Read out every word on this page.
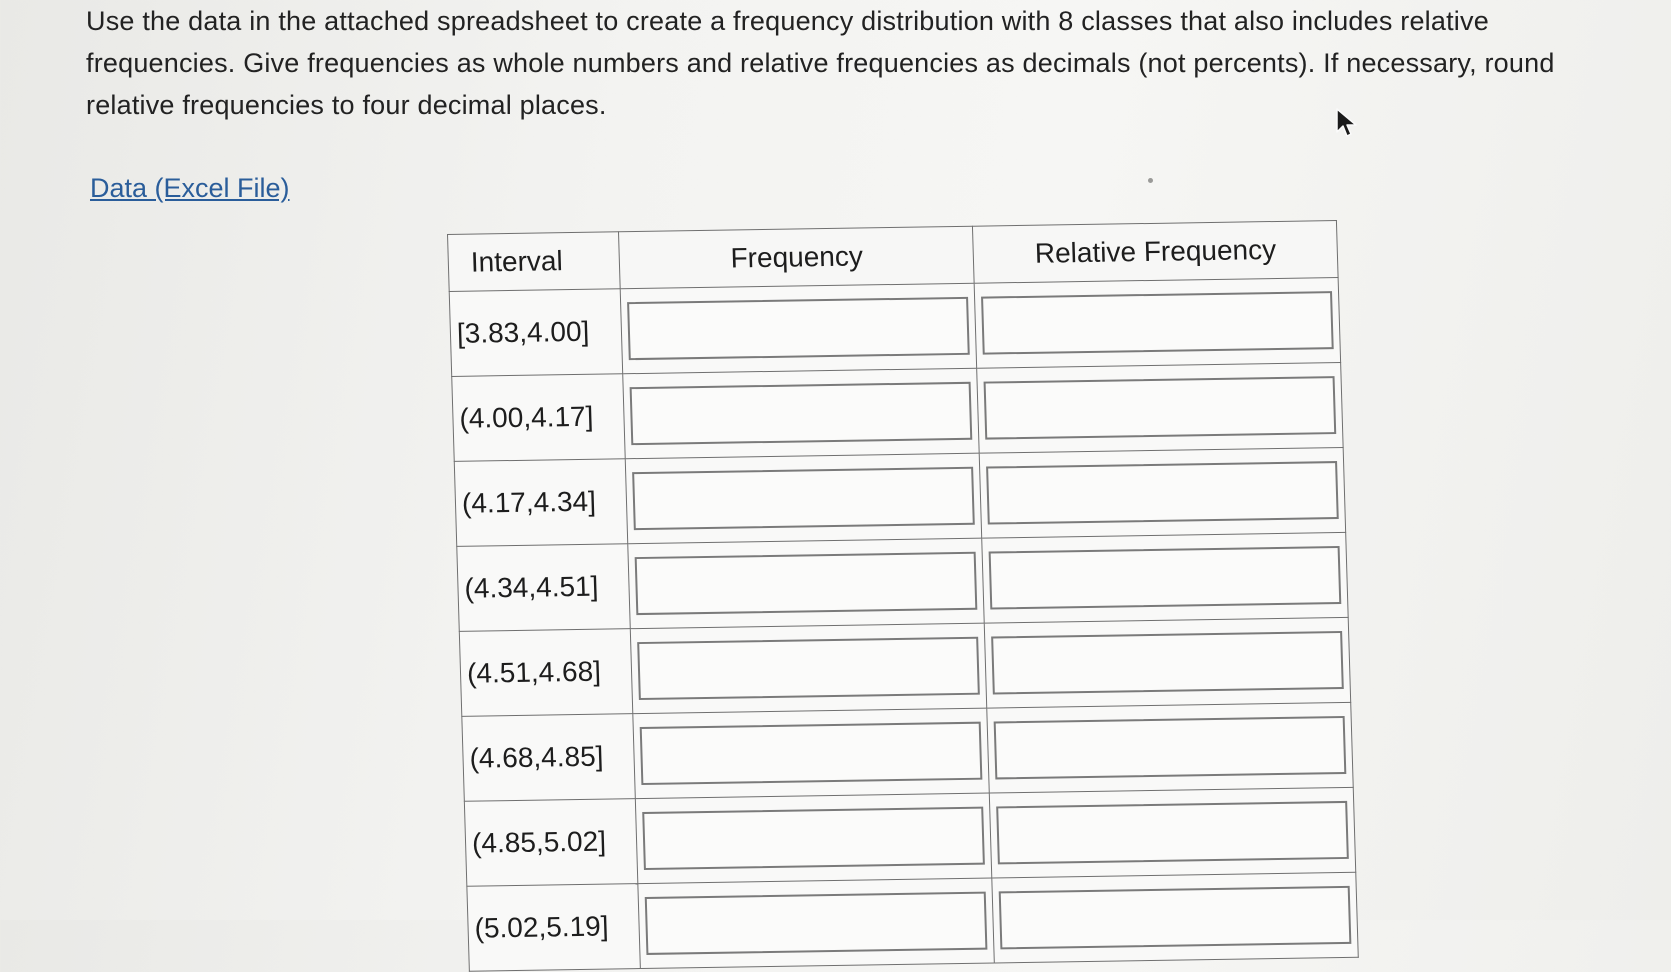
Use the data in the attached spreadsheet to create a frequency distribution with 8 classes that also includes relative
frequencies. Give frequencies as whole numbers and relative frequencies as decimals (not percents). If necessary, round
relative frequencies to four decimal places.
Data (Excel File)
Interval	Frequency	Relative Frequency
[3.83,4.00]	

(4.00,4.17]	

(4.17,4.34]	

(4.34,4.51]	

(4.51,4.68]	

(4.68,4.85]	

(4.85,5.02]	

(5.02,5.19]	
